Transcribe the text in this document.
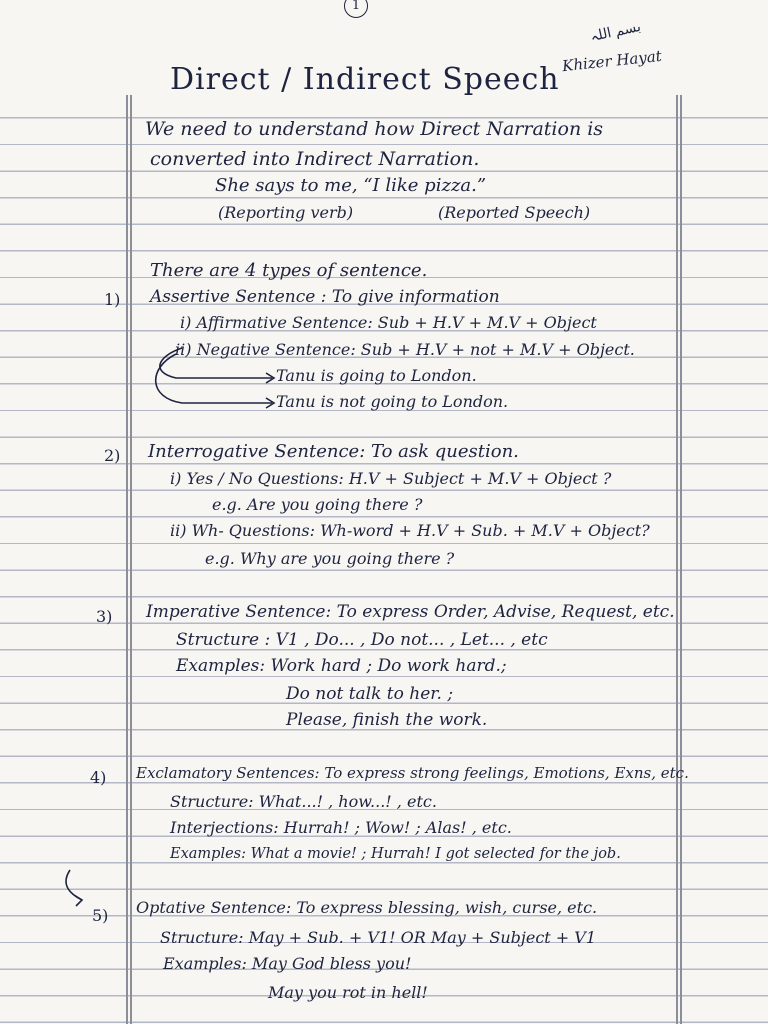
1
Direct / Indirect Speech
بسم اللہ
Khizer Hayat
We need to understand how Direct Narration is
converted into Indirect Narration.
She says to me, “I like pizza.”
(Reporting verb)	(Reported Speech)
There are 4 types of sentence.
1) Assertive Sentence : To give information
i) Affirmative Sentence: Sub + H.V + M.V + Object
ii) Negative Sentence: Sub + H.V + not + M.V + Object.
Tanu is going to London.
Tanu is not going to London.
2) Interrogative Sentence: To ask question.
i) Yes / No Questions: H.V + Subject + M.V + Object ?
e.g. Are you going there ?
ii) Wh- Questions: Wh-word + H.V + Sub. + M.V + Object?
e.g. Why are you going there ?
3) Imperative Sentence: To express Order, Advise, Request, etc.
Structure : V1 , Do... , Do not... , Let... , etc
Examples: Work hard ; Do work hard.;
Do not talk to her. ;
Please, finish the work.
4) Exclamatory Sentences: To express strong feelings, Emotions, Exns, etc.
Structure: What...! , how...! , etc.
Interjections: Hurrah! ; Wow! ; Alas! , etc.
Examples: What a movie! ; Hurrah! I got selected for the job.
5) Optative Sentence: To express blessing, wish, curse, etc.
Structure: May + Sub. + V1! OR May + Subject + V1
Examples: May God bless you!
May you rot in hell!
